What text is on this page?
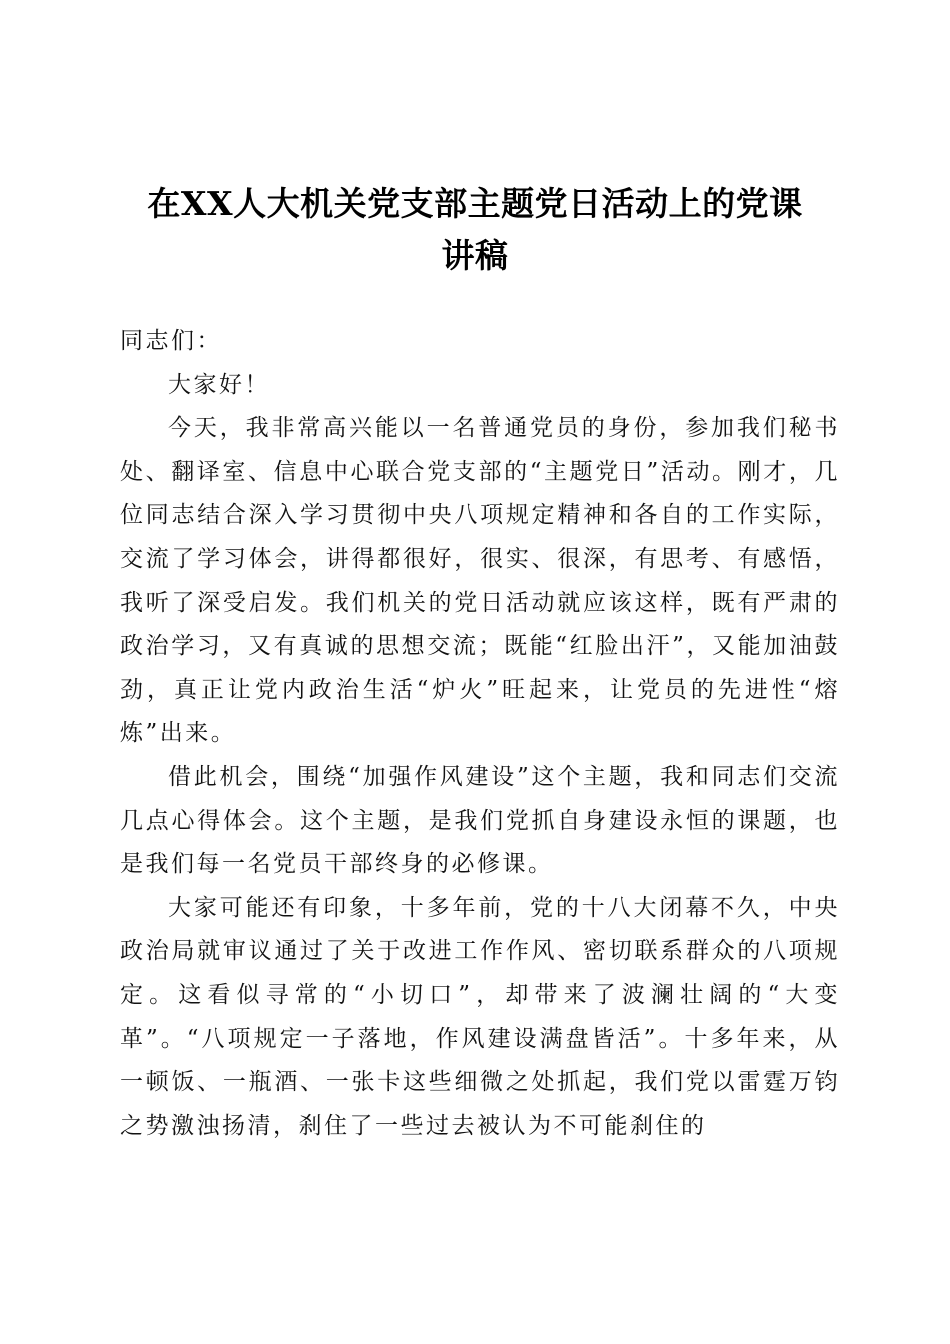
在XX人大机关党支部主题党日活动上的党课
讲稿

同志们：

大家好！

今天，我非常高兴能以一名普通党员的身份，参加我们秘书处、翻译室、信息中心联合党支部的“主题党日”活动。刚才，几位同志结合深入学习贯彻中央八项规定精神和各自的工作实际，交流了学习体会，讲得都很好，很实、很深，有思考、有感悟，我听了深受启发。我们机关的党日活动就应该这样，既有严肃的政治学习，又有真诚的思想交流；既能“红脸出汗”，又能加油鼓劲，真正让党内政治生活“炉火”旺起来，让党员的先进性“熔炼”出来。

借此机会，围绕“加强作风建设”这个主题，我和同志们交流几点心得体会。这个主题，是我们党抓自身建设永恒的课题，也是我们每一名党员干部终身的必修课。

大家可能还有印象，十多年前，党的十八大闭幕不久，中央政治局就审议通过了关于改进工作作风、密切联系群众的八项规定。这看似寻常的“小切口”，却带来了波澜壮阔的“大变革”。“八项规定一子落地，作风建设满盘皆活”。十多年来，从一顿饭、一瓶酒、一张卡这些细微之处抓起，我们党以雷霆万钧之势激浊扬清，刹住了一些过去被认为不可能刹住的
